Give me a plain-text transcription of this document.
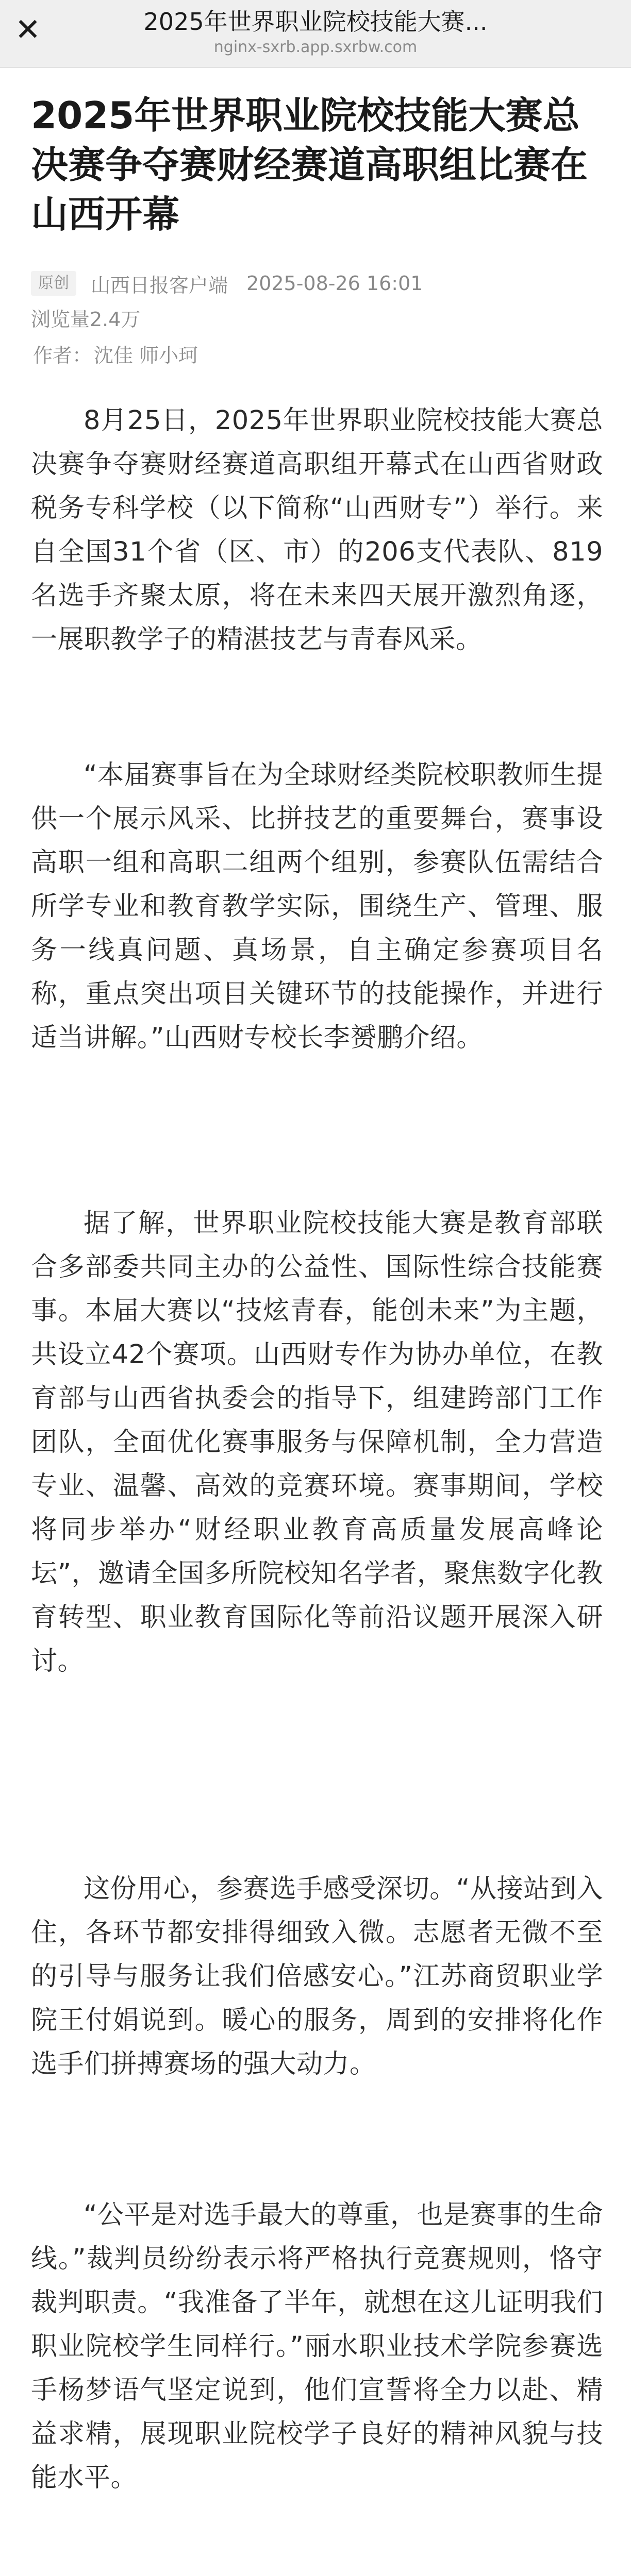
✕	2025年世界职业院校技能大赛...
nginx-sxrb.app.sxrbw.com
2025年世界职业院校技能大赛总决赛争夺赛财经赛道高职组比赛在山西开幕
原创	山西日报客户端 2025-08-26 16:01
浏览量2.4万
作者： 沈佳 师小珂

8月25日，2025年世界职业院校技能大赛总决赛争夺赛财经赛道高职组开幕式在山西省财政税务专科学校（以下简称“山西财专”）举行。来自全国31个省（区、市）的206支代表队、819名选手齐聚太原，将在未来四天展开激烈角逐，一展职教学子的精湛技艺与青春风采。

“本届赛事旨在为全球财经类院校职教师生提供一个展示风采、比拼技艺的重要舞台，赛事设高职一组和高职二组两个组别，参赛队伍需结合所学专业和教育教学实际，围绕生产、管理、服务一线真问题、真场景，自主确定参赛项目名称，重点突出项目关键环节的技能操作，并进行适当讲解。”山西财专校长李赟鹏介绍。

据了解，世界职业院校技能大赛是教育部联合多部委共同主办的公益性、国际性综合技能赛事。本届大赛以“技炫青春，能创未来”为主题，共设立42个赛项。山西财专作为协办单位，在教育部与山西省执委会的指导下，组建跨部门工作团队，全面优化赛事服务与保障机制，全力营造专业、温馨、高效的竞赛环境。赛事期间，学校将同步举办“财经职业教育高质量发展高峰论坛”，邀请全国多所院校知名学者，聚焦数字化教育转型、职业教育国际化等前沿议题开展深入研讨。

这份用心，参赛选手感受深切。“从接站到入住，各环节都安排得细致入微。志愿者无微不至的引导与服务让我们倍感安心。”江苏商贸职业学院王付娟说到。暖心的服务，周到的安排将化作选手们拼搏赛场的强大动力。

“公平是对选手最大的尊重，也是赛事的生命线。”裁判员纷纷表示将严格执行竞赛规则，恪守裁判职责。“我准备了半年，就想在这儿证明我们职业院校学生同样行。”丽水职业技术学院参赛选手杨梦语气坚定说到，他们宣誓将全力以赴、精益求精，展现职业院校学子良好的精神风貌与技能水平。
